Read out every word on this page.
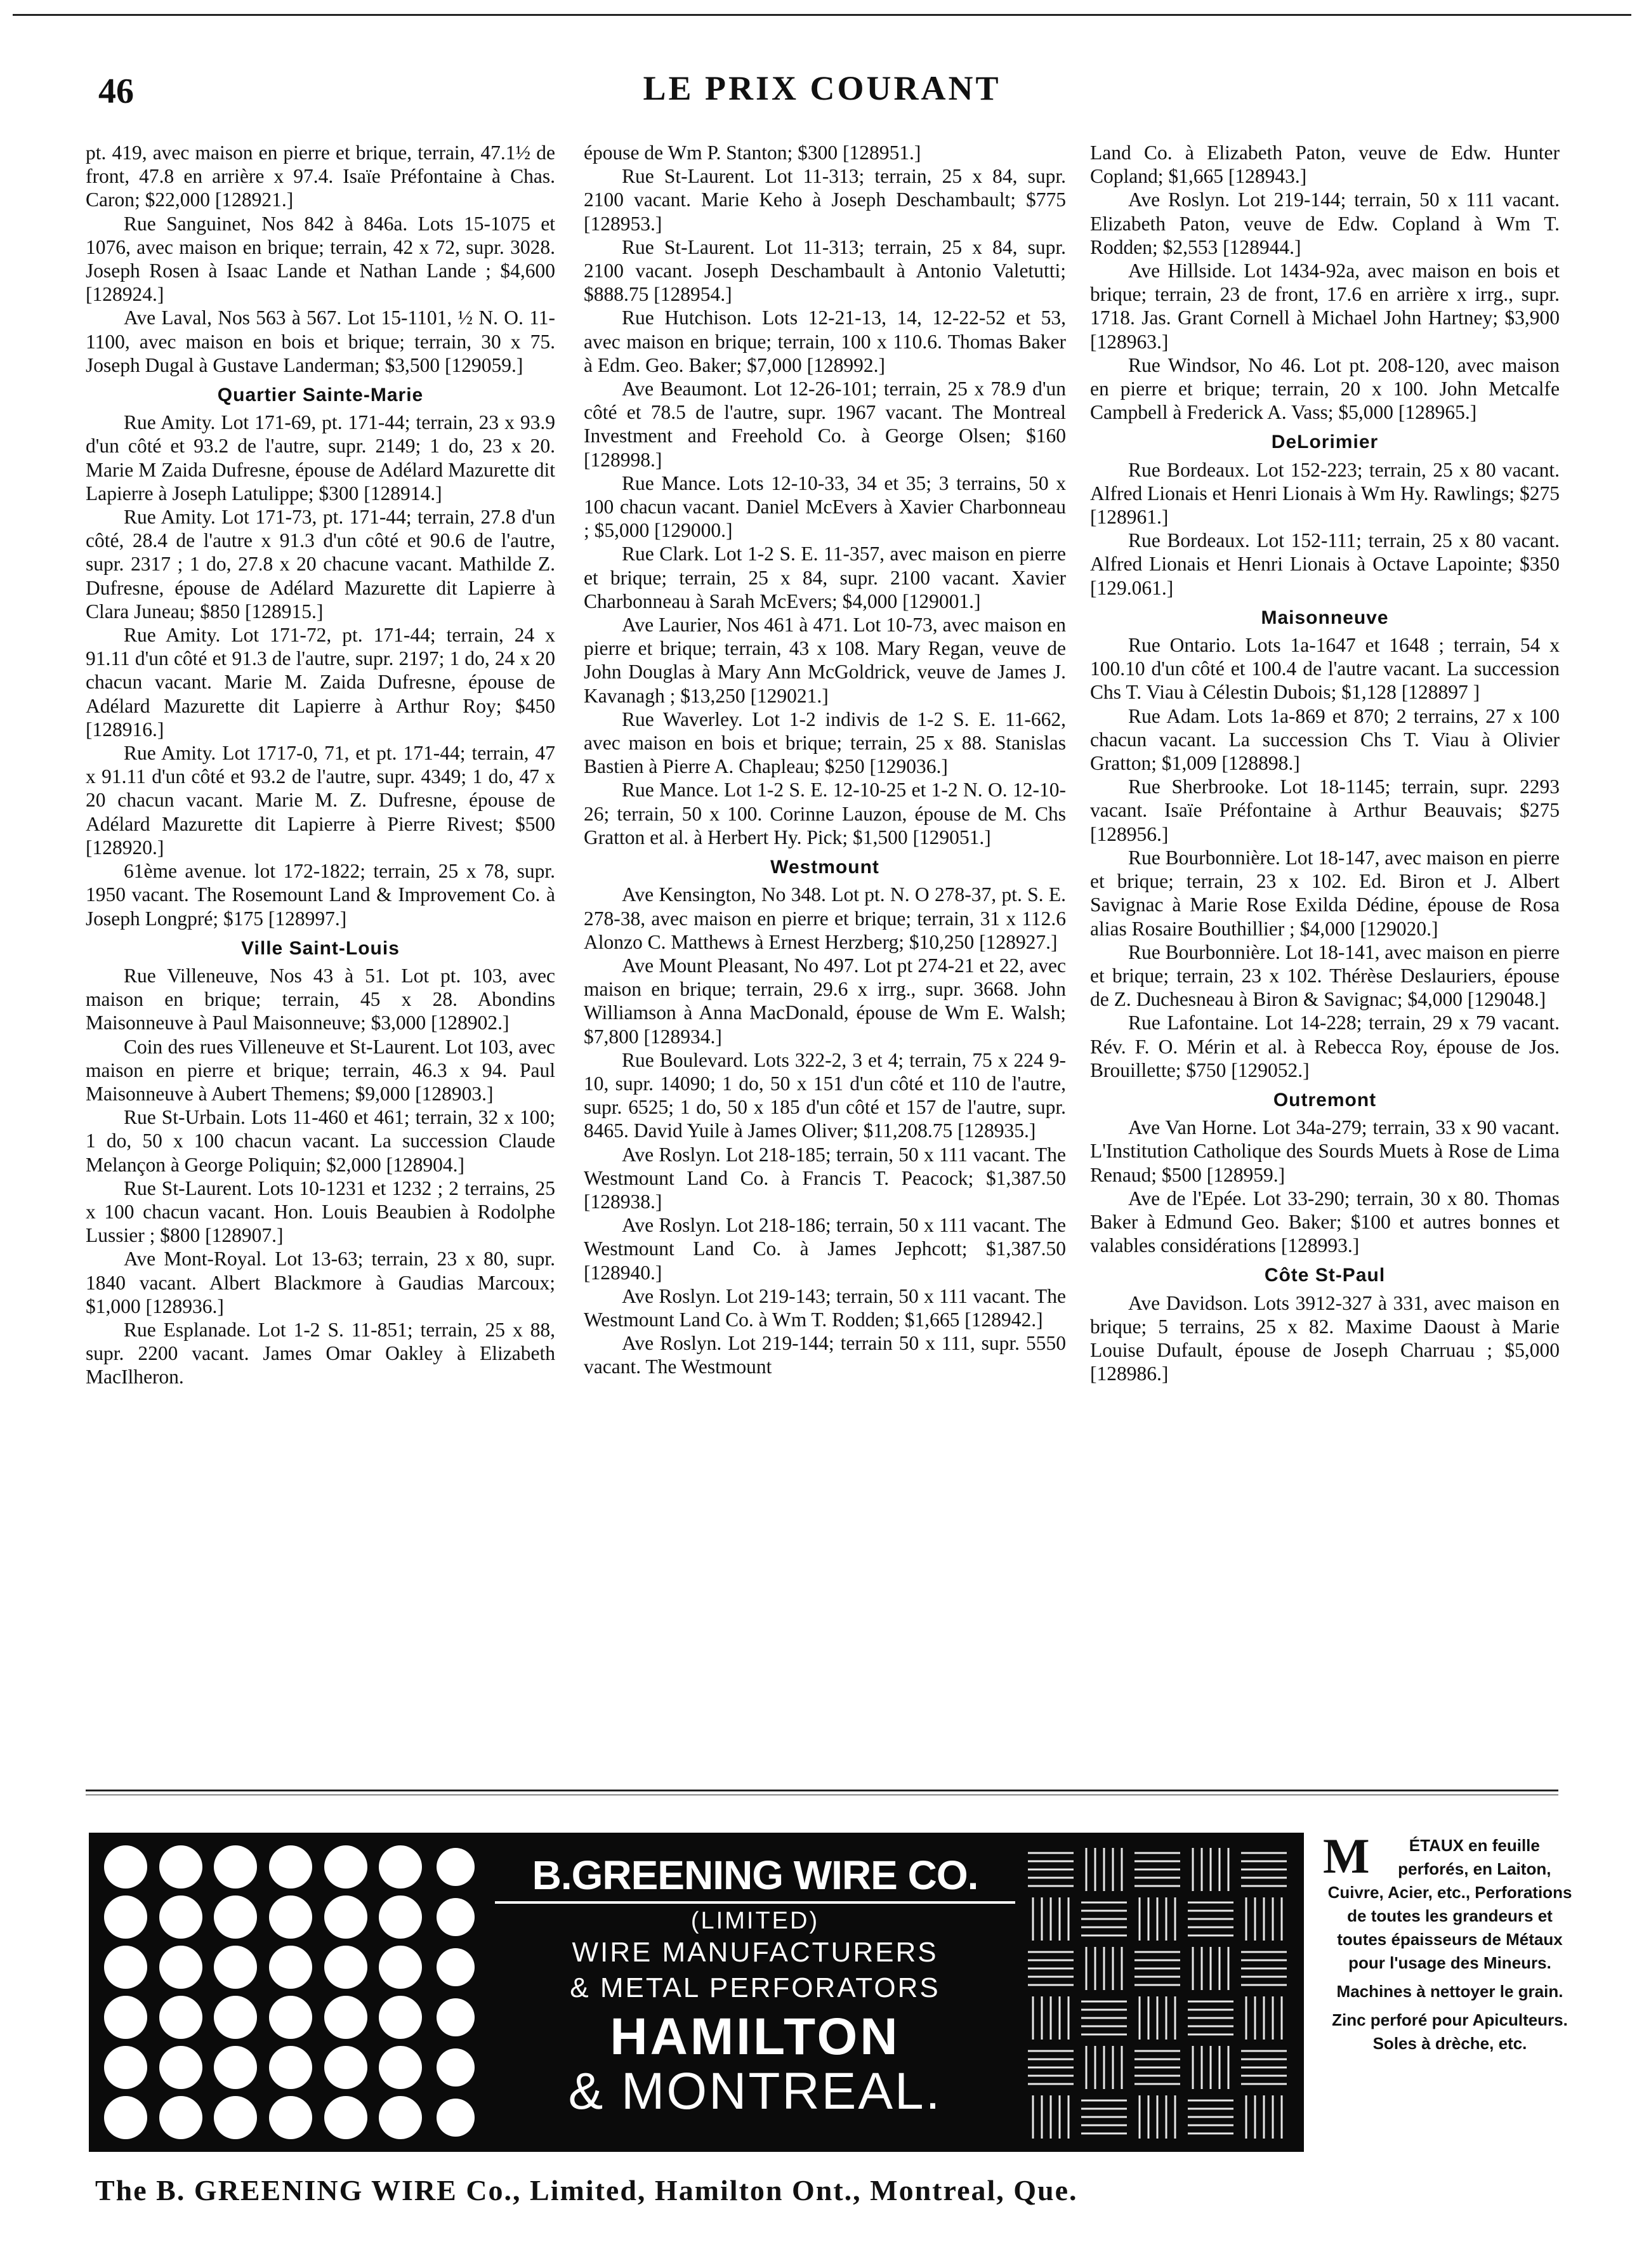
46	LE PRIX COURANT

pt. 419, avec maison en pierre et brique, terrain, 47.1½ de front, 47.8 en arrière x 97.4. Isaïe Préfontaine à Chas. Caron; $22,000 [128921.]

Rue Sanguinet, Nos 842 à 846a. Lots 15-1075 et 1076, avec maison en brique; terrain, 42 x 72, supr. 3028. Joseph Rosen à Isaac Lande et Nathan Lande ; $4,600 [128924.]

Ave Laval, Nos 563 à 567. Lot 15-1101, ½ N. O. 11-1100, avec maison en bois et brique; terrain, 30 x 75. Joseph Dugal à Gustave Landerman; $3,500 [129059.]

Quartier Sainte-Marie

Rue Amity. Lot 171-69, pt. 171-44; terrain, 23 x 93.9 d'un côté et 93.2 de l'autre, supr. 2149; 1 do, 23 x 20. Marie M Zaida Dufresne, épouse de Adélard Mazurette dit Lapierre à Joseph Latulippe; $300 [128914.]

Rue Amity. Lot 171-73, pt. 171-44; terrain, 27.8 d'un côté, 28.4 de l'autre x 91.3 d'un côté et 90.6 de l'autre, supr. 2317 ; 1 do, 27.8 x 20 chacune vacant. Mathilde Z. Dufresne, épouse de Adélard Mazurette dit Lapierre à Clara Juneau; $850 [128915.]

Rue Amity. Lot 171-72, pt. 171-44; terrain, 24 x 91.11 d'un côté et 91.3 de l'autre, supr. 2197; 1 do, 24 x 20 chacun vacant. Marie M. Zaida Dufresne, épouse de Adélard Mazurette dit Lapierre à Arthur Roy; $450 [128916.]

Rue Amity. Lot 1717-0, 71, et pt. 171-44; terrain, 47 x 91.11 d'un côté et 93.2 de l'autre, supr. 4349; 1 do, 47 x 20 chacun vacant. Marie M. Z. Dufresne, épouse de Adélard Mazurette dit Lapierre à Pierre Rivest; $500 [128920.]

61ème avenue. lot 172-1822; terrain, 25 x 78, supr. 1950 vacant. The Rosemount Land & Improvement Co. à Joseph Longpré; $175 [128997.]

Ville Saint-Louis

Rue Villeneuve, Nos 43 à 51. Lot pt. 103, avec maison en brique; terrain, 45 x 28. Abondins Maisonneuve à Paul Maisonneuve; $3,000 [128902.]

Coin des rues Villeneuve et St-Laurent. Lot 103, avec maison en pierre et brique; terrain, 46.3 x 94. Paul Maisonneuve à Aubert Themens; $9,000 [128903.]

Rue St-Urbain. Lots 11-460 et 461; terrain, 32 x 100; 1 do, 50 x 100 chacun vacant. La succession Claude Melançon à George Poliquin; $2,000 [128904.]

Rue St-Laurent. Lots 10-1231 et 1232 ; 2 terrains, 25 x 100 chacun vacant. Hon. Louis Beaubien à Rodolphe Lussier ; $800 [128907.]

Ave Mont-Royal. Lot 13-63; terrain, 23 x 80, supr. 1840 vacant. Albert Blackmore à Gaudias Marcoux; $1,000 [128936.]

Rue Esplanade. Lot 1-2 S. 11-851; terrain, 25 x 88, supr. 2200 vacant. James Omar Oakley à Elizabeth MacIlheron.

épouse de Wm P. Stanton; $300 [128951.]

Rue St-Laurent. Lot 11-313; terrain, 25 x 84, supr. 2100 vacant. Marie Keho à Joseph Deschambault; $775 [128953.]

Rue St-Laurent. Lot 11-313; terrain, 25 x 84, supr. 2100 vacant. Joseph Deschambault à Antonio Valetutti; $888.75 [128954.]

Rue Hutchison. Lots 12-21-13, 14, 12-22-52 et 53, avec maison en brique; terrain, 100 x 110.6. Thomas Baker à Edm. Geo. Baker; $7,000 [128992.]

Ave Beaumont. Lot 12-26-101; terrain, 25 x 78.9 d'un côté et 78.5 de l'autre, supr. 1967 vacant. The Montreal Investment and Freehold Co. à George Olsen; $160 [128998.]

Rue Mance. Lots 12-10-33, 34 et 35; 3 terrains, 50 x 100 chacun vacant. Daniel McEvers à Xavier Charbonneau ; $5,000 [129000.]

Rue Clark. Lot 1-2 S. E. 11-357, avec maison en pierre et brique; terrain, 25 x 84, supr. 2100 vacant. Xavier Charbonneau à Sarah McEvers; $4,000 [129001.]

Ave Laurier, Nos 461 à 471. Lot 10-73, avec maison en pierre et brique; terrain, 43 x 108. Mary Regan, veuve de John Douglas à Mary Ann McGoldrick, veuve de James J. Kavanagh ; $13,250 [129021.]

Rue Waverley. Lot 1-2 indivis de 1-2 S. E. 11-662, avec maison en bois et brique; terrain, 25 x 88. Stanislas Bastien à Pierre A. Chapleau; $250 [129036.]

Rue Mance. Lot 1-2 S. E. 12-10-25 et 1-2 N. O. 12-10-26; terrain, 50 x 100. Corinne Lauzon, épouse de M. Chs Gratton et al. à Herbert Hy. Pick; $1,500 [129051.]

Westmount

Ave Kensington, No 348. Lot pt. N. O 278-37, pt. S. E. 278-38, avec maison en pierre et brique; terrain, 31 x 112.6 Alonzo C. Matthews à Ernest Herzberg; $10,250 [128927.]

Ave Mount Pleasant, No 497. Lot pt 274-21 et 22, avec maison en brique; terrain, 29.6 x irrg., supr. 3668. John Williamson à Anna MacDonald, épouse de Wm E. Walsh; $7,800 [128934.]

Rue Boulevard. Lots 322-2, 3 et 4; terrain, 75 x 224 9-10, supr. 14090; 1 do, 50 x 151 d'un côté et 110 de l'autre, supr. 6525; 1 do, 50 x 185 d'un côté et 157 de l'autre, supr. 8465. David Yuile à James Oliver; $11,208.75 [128935.]

Ave Roslyn. Lot 218-185; terrain, 50 x 111 vacant. The Westmount Land Co. à Francis T. Peacock; $1,387.50 [128938.]

Ave Roslyn. Lot 218-186; terrain, 50 x 111 vacant. The Westmount Land Co. à James Jephcott; $1,387.50 [128940.]

Ave Roslyn. Lot 219-143; terrain, 50 x 111 vacant. The Westmount Land Co. à Wm T. Rodden; $1,665 [128942.]

Ave Roslyn. Lot 219-144; terrain 50 x 111, supr. 5550 vacant. The Westmount

Land Co. à Elizabeth Paton, veuve de Edw. Hunter Copland; $1,665 [128943.]

Ave Roslyn. Lot 219-144; terrain, 50 x 111 vacant. Elizabeth Paton, veuve de Edw. Copland à Wm T. Rodden; $2,553 [128944.]

Ave Hillside. Lot 1434-92a, avec maison en bois et brique; terrain, 23 de front, 17.6 en arrière x irrg., supr. 1718. Jas. Grant Cornell à Michael John Hartney; $3,900 [128963.]

Rue Windsor, No 46. Lot pt. 208-120, avec maison en pierre et brique; terrain, 20 x 100. John Metcalfe Campbell à Frederick A. Vass; $5,000 [128965.]

DeLorimier

Rue Bordeaux. Lot 152-223; terrain, 25 x 80 vacant. Alfred Lionais et Henri Lionais à Wm Hy. Rawlings; $275 [128961.]

Rue Bordeaux. Lot 152-111; terrain, 25 x 80 vacant. Alfred Lionais et Henri Lionais à Octave Lapointe; $350 [129.061.]

Maisonneuve

Rue Ontario. Lots 1a-1647 et 1648 ; terrain, 54 x 100.10 d'un côté et 100.4 de l'autre vacant. La succession Chs T. Viau à Célestin Dubois; $1,128 [128897 ]

Rue Adam. Lots 1a-869 et 870; 2 terrains, 27 x 100 chacun vacant. La succession Chs T. Viau à Olivier Gratton; $1,009 [128898.]

Rue Sherbrooke. Lot 18-1145; terrain, supr. 2293 vacant. Isaïe Préfontaine à Arthur Beauvais; $275 [128956.]

Rue Bourbonnière. Lot 18-147, avec maison en pierre et brique; terrain, 23 x 102. Ed. Biron et J. Albert Savignac à Marie Rose Exilda Dédine, épouse de Rosa alias Rosaire Bouthillier ; $4,000 [129020.]

Rue Bourbonnière. Lot 18-141, avec maison en pierre et brique; terrain, 23 x 102. Thérèse Deslauriers, épouse de Z. Duchesneau à Biron & Savignac; $4,000 [129048.]

Rue Lafontaine. Lot 14-228; terrain, 29 x 79 vacant. Rév. F. O. Mérin et al. à Rebecca Roy, épouse de Jos. Brouillette; $750 [129052.]

Outremont

Ave Van Horne. Lot 34a-279; terrain, 33 x 90 vacant. L'Institution Catholique des Sourds Muets à Rose de Lima Renaud; $500 [128959.]

Ave de l'Epée. Lot 33-290; terrain, 30 x 80. Thomas Baker à Edmund Geo. Baker; $100 et autres bonnes et valables considérations [128993.]

Côte St-Paul

Ave Davidson. Lots 3912-327 à 331, avec maison en brique; 5 terrains, 25 x 82. Maxime Daoust à Marie Louise Dufault, épouse de Joseph Charruau ; $5,000 [128986.]

B.GREENING WIRE CO.
(LIMITED)
WIRE MANUFACTURERS
& METAL PERFORATORS
HAMILTON
& MONTREAL.
M ÉTAUX en feuille perforés, en Laiton, Cuivre, Acier, etc., Perforations de toutes les grandeurs et toutes épaisseurs de Métaux pour l'usage des Mineurs.
Machines à nettoyer le grain.
Zinc perforé pour Apiculteurs. Soles à drèche, etc.
The B. GREENING WIRE Co., Limited, Hamilton Ont., Montreal, Que.
